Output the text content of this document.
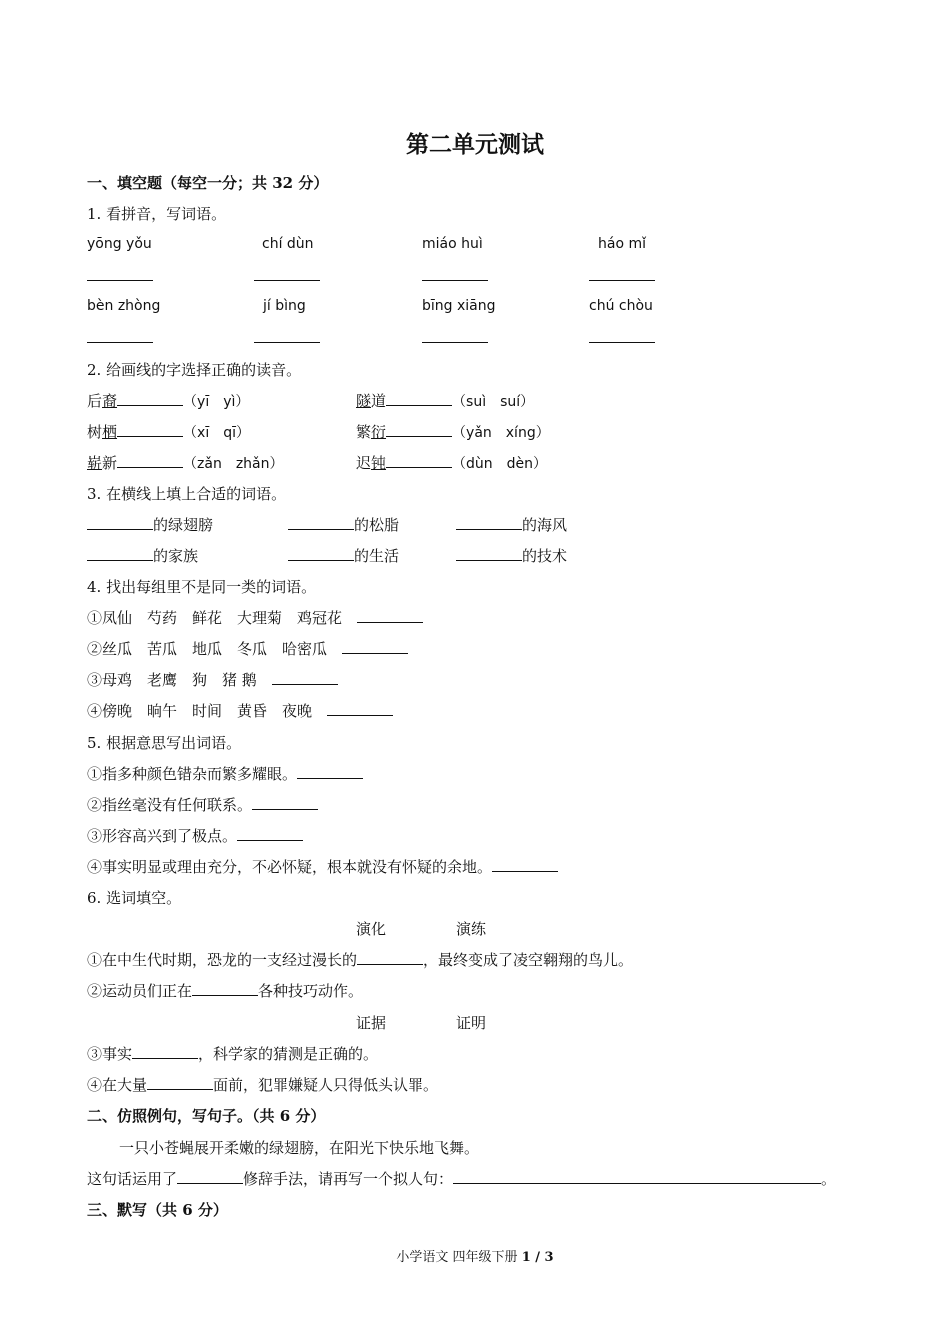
第二单元测试
一、填空题（每空一分；共 32 分）
1. 看拼音，写词语。
yōng yǒu	chí dùn	miáo huì	háo mǐ
bèn zhòng	jí bìng	bīng xiāng	chú chòu
2. 给画线的字选择正确的读音。
后裔	（yī　yì）	隧道	（suì　suí）
树栖	（xī　qī）	繁衍	（yǎn　xíng）
崭新	（zǎn　zhǎn）	迟钝	（dùn　dèn）
3. 在横线上填上合适的词语。
的绿翅膀	的松脂	的海风
的家族	的生活	的技术
4. 找出每组里不是同一类的词语。
①凤仙　芍药　鲜花　大理菊　鸡冠花　
②丝瓜　苦瓜　地瓜　冬瓜　哈密瓜　
③母鸡　老鹰　狗　猪 鹅　
④傍晚　晌午　时间　黄昏　夜晚　
5. 根据意思写出词语。
①指多种颜色错杂而繁多耀眼。
②指丝毫没有任何联系。
③形容高兴到了极点。
④事实明显或理由充分，不必怀疑，根本就没有怀疑的余地。
6. 选词填空。
演化	演练
①在中生代时期，恐龙的一支经过漫长的	，最终变成了凌空翱翔的鸟儿。
②运动员们正在	各种技巧动作。
证据	证明
③事实	，科学家的猜测是正确的。
④在大量	面前，犯罪嫌疑人只得低头认罪。
二、仿照例句，写句子。（共 6 分）
一只小苍蝇展开柔嫩的绿翅膀，在阳光下快乐地飞舞。
这句话运用了	修辞手法，请再写一个拟人句：	。
三、默写（共 6 分）
小学语文 四年级下册 1 / 3
